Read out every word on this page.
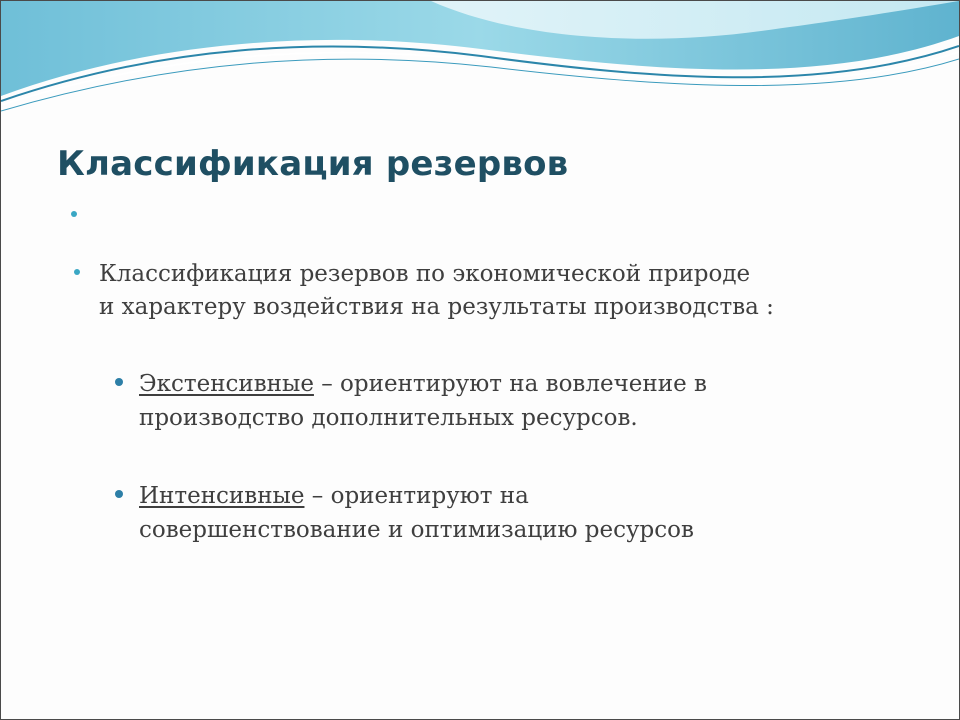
Классификация резервов
Классификация резервов по экономической природе
и характеру воздействия на результаты производства :
Экстенсивные – ориентируют на вовлечение в
производство дополнительных ресурсов.
Интенсивные – ориентируют на
совершенствование и оптимизацию ресурсов
